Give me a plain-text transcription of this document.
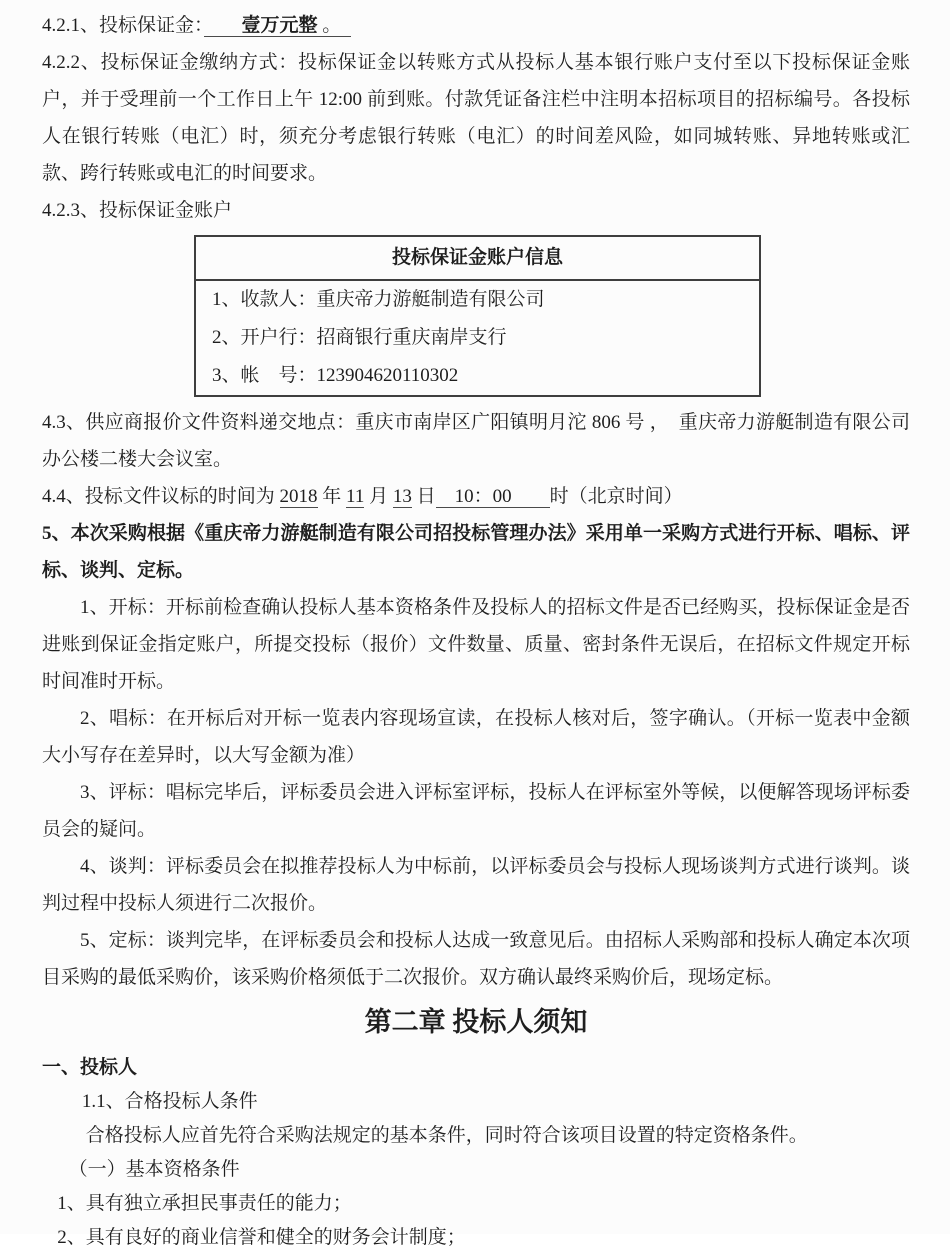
4.2.1、投标保证金：　　 壹万元整 。　

4.2.2、投标保证金缴纳方式：投标保证金以转账方式从投标人基本银行账户支付至以下投标保证金账户，并于受理前一个工作日上午 12:00 前到账。付款凭证备注栏中注明本招标项目的招标编号。各投标人在银行转账（电汇）时，须充分考虑银行转账（电汇）的时间差风险，如同城转账、异地转账或汇款、跨行转账或电汇的时间要求。

4.2.3、投标保证金账户

投标保证金账户信息
1、收款人：重庆帝力游艇制造有限公司
2、开户行：招商银行重庆南岸支行
3、帐　号：123904620110302

4.3、供应商报价文件资料递交地点：重庆市南岸区广阳镇明月沱 806 号 ，　重庆帝力游艇制造有限公司办公楼二楼大会议室。

4.4、投标文件议标的时间为 2018 年 11 月 13 日　10：00　　时（北京时间）

5、本次采购根据《重庆帝力游艇制造有限公司招投标管理办法》采用单一采购方式进行开标、唱标、评标、谈判、定标。

1、开标：开标前检查确认投标人基本资格条件及投标人的招标文件是否已经购买，投标保证金是否进账到保证金指定账户，所提交投标（报价）文件数量、质量、密封条件无误后，在招标文件规定开标时间准时开标。

2、唱标：在开标后对开标一览表内容现场宣读，在投标人核对后，签字确认。（开标一览表中金额大小写存在差异时，以大写金额为准）

3、评标：唱标完毕后，评标委员会进入评标室评标，投标人在评标室外等候，以便解答现场评标委员会的疑问。

4、谈判：评标委员会在拟推荐投标人为中标前，以评标委员会与投标人现场谈判方式进行谈判。谈判过程中投标人须进行二次报价。

5、定标：谈判完毕，在评标委员会和投标人达成一致意见后。由招标人采购部和投标人确定本次项目采购的最低采购价，该采购价格须低于二次报价。双方确认最终采购价后，现场定标。

第二章 投标人须知

一、投标人

1.1、合格投标人条件

合格投标人应首先符合采购法规定的基本条件，同时符合该项目设置的特定资格条件。

（一）基本资格条件

1、具有独立承担民事责任的能力；

2、具有良好的商业信誉和健全的财务会计制度；
